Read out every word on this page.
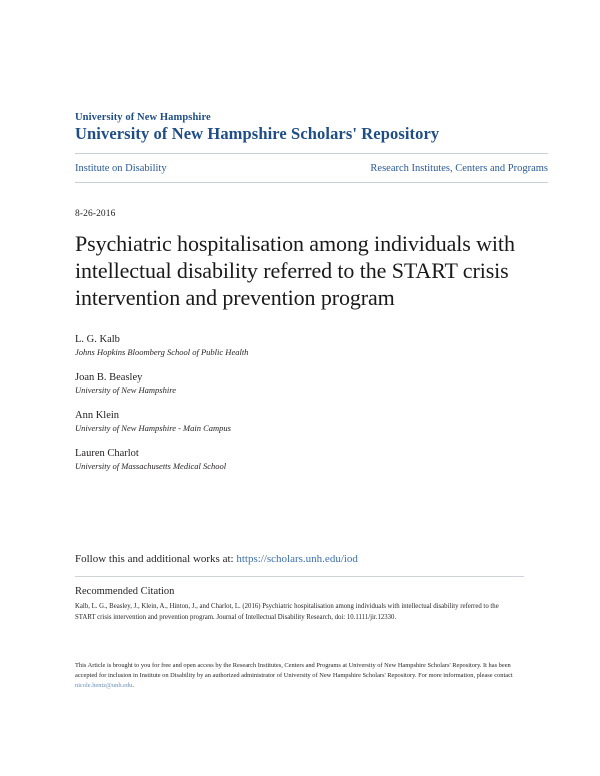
University of New Hampshire
University of New Hampshire Scholars' Repository
Institute on Disability	Research Institutes, Centers and Programs
8-26-2016
Psychiatric hospitalisation among individuals with intellectual disability referred to the START crisis intervention and prevention program
L. G. Kalb
Johns Hopkins Bloomberg School of Public Health
Joan B. Beasley
University of New Hampshire
Ann Klein
University of New Hampshire - Main Campus
Lauren Charlot
University of Massachusetts Medical School
Follow this and additional works at: https://scholars.unh.edu/iod
Recommended Citation
Kalb, L. G., Beasley, J., Klein, A., Hinton, J., and Charlot, L. (2016) Psychiatric hospitalisation among individuals with intellectual disability referred to the START crisis intervention and prevention program. Journal of Intellectual Disability Research, doi: 10.1111/jir.12330.
This Article is brought to you for free and open access by the Research Institutes, Centers and Programs at University of New Hampshire Scholars' Repository. It has been accepted for inclusion in Institute on Disability by an authorized administrator of University of New Hampshire Scholars' Repository. For more information, please contact nicole.hentz@unh.edu.
